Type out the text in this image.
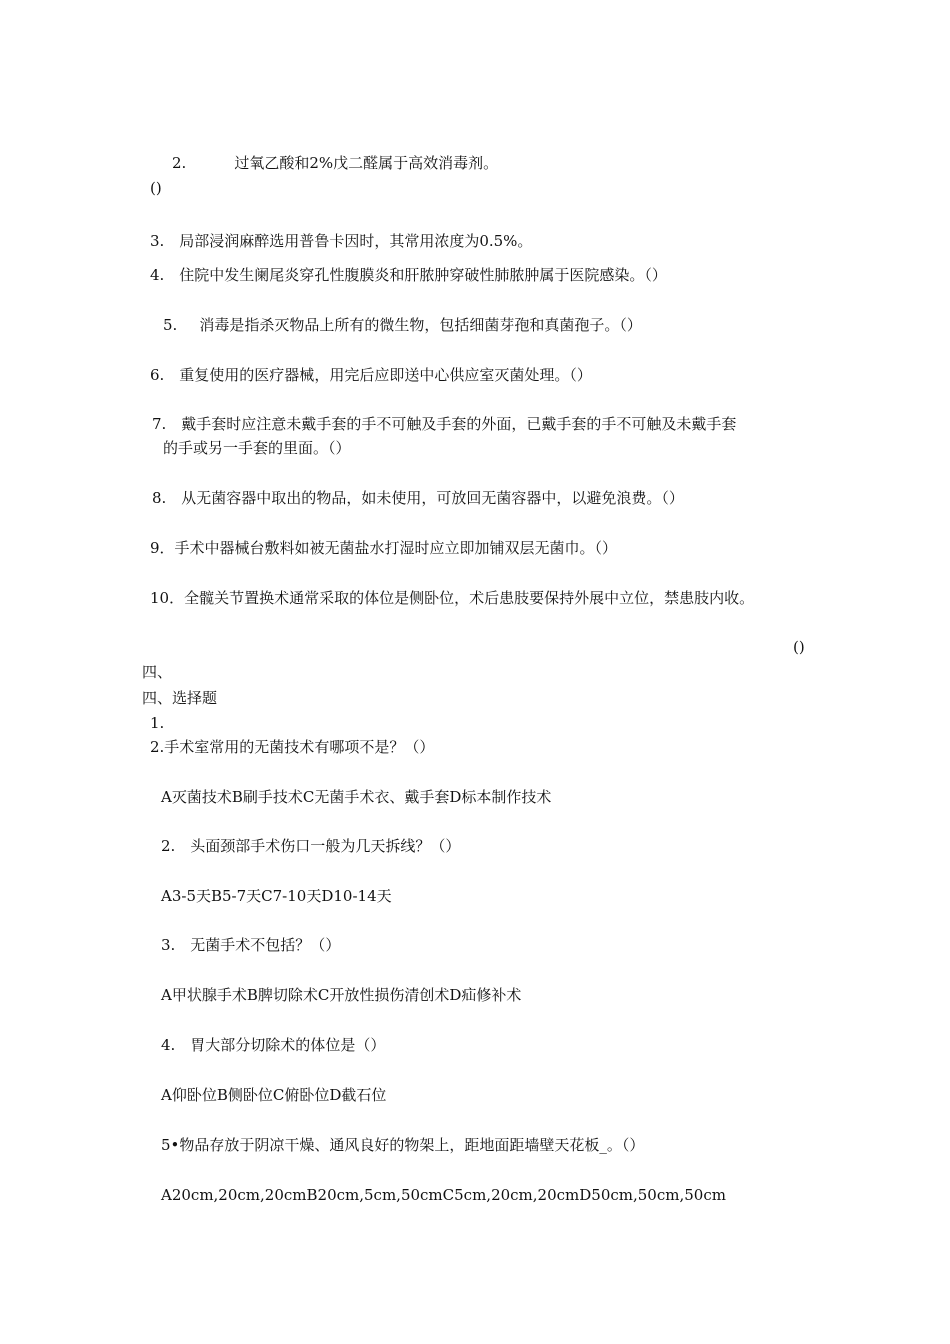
2.	过氧乙酸和2%戊二醛属于高效消毒剂。
()
3.　局部浸润麻醉选用普鲁卡因时，其常用浓度为0.5%。
4.　住院中发生阑尾炎穿孔性腹膜炎和肝脓肿穿破性肺脓肿属于医院感染。（）
5. 消毒是指杀灭物品上所有的微生物，包括细菌芽孢和真菌孢子。（）
6.　重复使用的医疗器械，用完后应即送中心供应室灭菌处理。（）
7.　戴手套时应注意未戴手套的手不可触及手套的外面，已戴手套的手不可触及未戴手套
的手或另一手套的里面。（）
8.　从无菌容器中取出的物品，如未使用，可放回无菌容器中，以避免浪费。（）
9．手术中器械台敷料如被无菌盐水打湿时应立即加铺双层无菌巾。（）
10．全髋关节置换术通常采取的体位是侧卧位，术后患肢要保持外展中立位，禁患肢内收。
()
四、
四、选择题
1.
2.手术室常用的无菌技术有哪项不是？（）
A灭菌技术B刷手技术C无菌手术衣、戴手套D标本制作技术
2.　头面颈部手术伤口一般为几天拆线？（）
A3-5天B5-7天C7-10天D10-14天
3.　无菌手术不包括？（）
A甲状腺手术B脾切除术C开放性损伤清创术D疝修补术
4.　胃大部分切除术的体位是（）
A仰卧位B侧卧位C俯卧位D截石位
5•物品存放于阴凉干燥、通风良好的物架上，距地面距墙壁天花板_。（）
A20cm,20cm,20cmB20cm,5cm,50cmC5cm,20cm,20cmD50cm,50cm,50cm
